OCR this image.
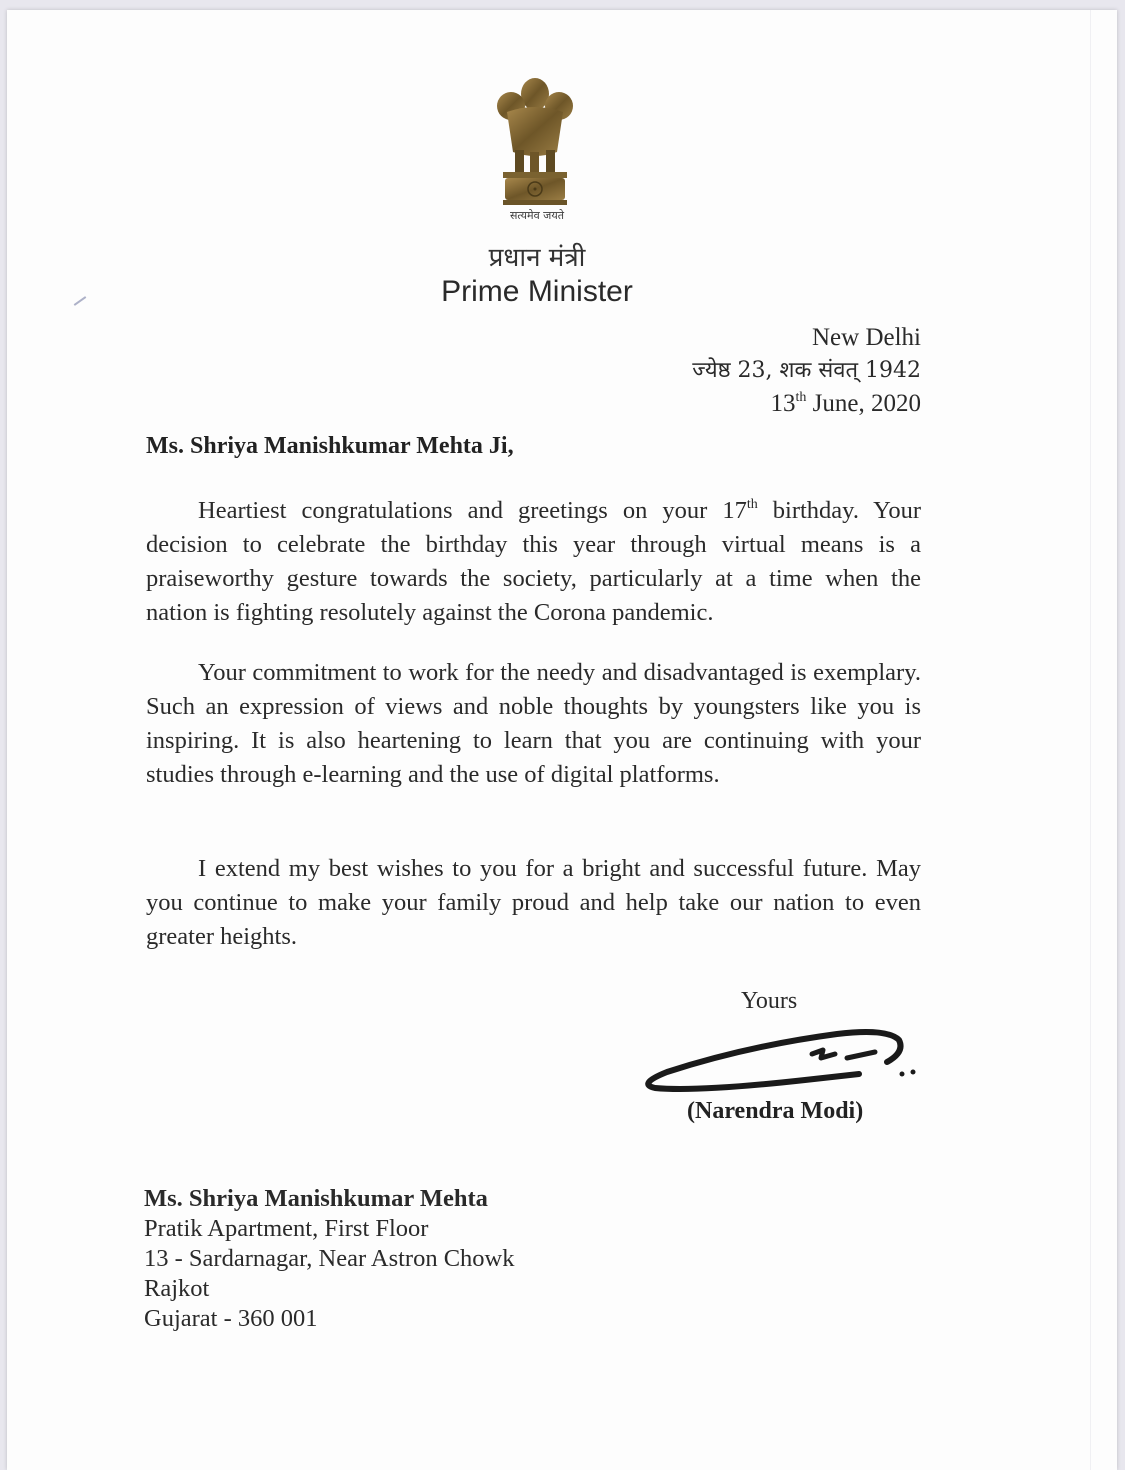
सत्यमेव जयते
प्रधान मंत्री
Prime Minister
New Delhi
ज्येष्ठ 23, शक संवत् 1942
13th June, 2020
Ms. Shriya Manishkumar Mehta Ji,
Heartiest congratulations and greetings on your 17th birthday. Your decision to celebrate the birthday this year through virtual means is a praiseworthy gesture towards the society, particularly at a time when the nation is fighting resolutely against the Corona pandemic.
Your commitment to work for the needy and disadvantaged is exemplary. Such an expression of views and noble thoughts by youngsters like you is inspiring. It is also heartening to learn that you are continuing with your studies through e-learning and the use of digital platforms.
I extend my best wishes to you for a bright and successful future. May you continue to make your family proud and help take our nation to even greater heights.
Yours
(Narendra Modi)
Ms. Shriya Manishkumar Mehta
Pratik Apartment, First Floor
13 - Sardarnagar, Near Astron Chowk
Rajkot
Gujarat - 360 001
